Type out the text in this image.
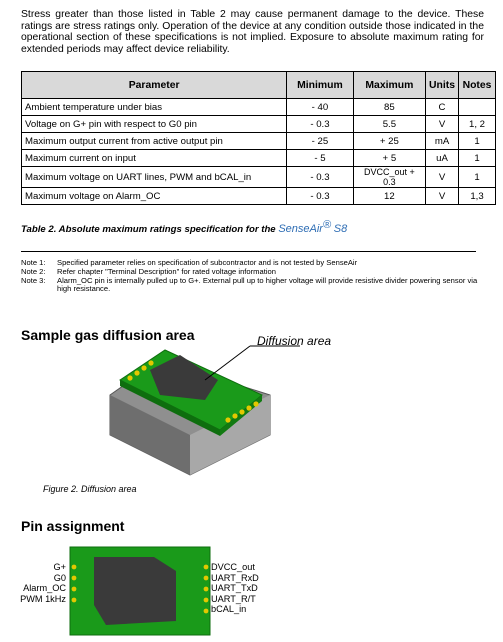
Stress greater than those listed in Table 2 may cause permanent damage to the device. These ratings are stress ratings only. Operation of the device at any condition outside those indicated in the operational section of these specifications is not implied. Exposure to absolute maximum rating for extended periods may affect device reliability.
Parameter	Minimum	Maximum	Units	Notes
Ambient temperature under bias	- 40	85	C	
Voltage on G+ pin with respect to G0 pin	- 0.3	5.5	V	1, 2
Maximum output current from active output pin	- 25	+ 25	mA	1
Maximum current on input	- 5	+ 5	uA	1
Maximum voltage on UART lines, PWM and bCAL_in	- 0.3	DVCC_out + 0.3	V	1
Maximum voltage on Alarm_OC	- 0.3	12	V	1,3
Table 2. Absolute maximum ratings specification for the SenseAir® S8
Note 1:	Specified parameter relies on specification of subcontractor and is not tested by SenseAir
Note 2:	Refer chapter "Terminal Description" for rated voltage information
Note 3:	Alarm_OC pin is internally pulled up to G+. External pull up to higher voltage will provide resistive divider powering sensor via high resistance.
Sample gas diffusion area	Diffusion area
Figure 2. Diffusion area
Pin assignment
G+
G0
Alarm_OC
PWM 1kHz
DVCC_out
UART_RxD
UART_TxD
UART_R/T
bCAL_in
